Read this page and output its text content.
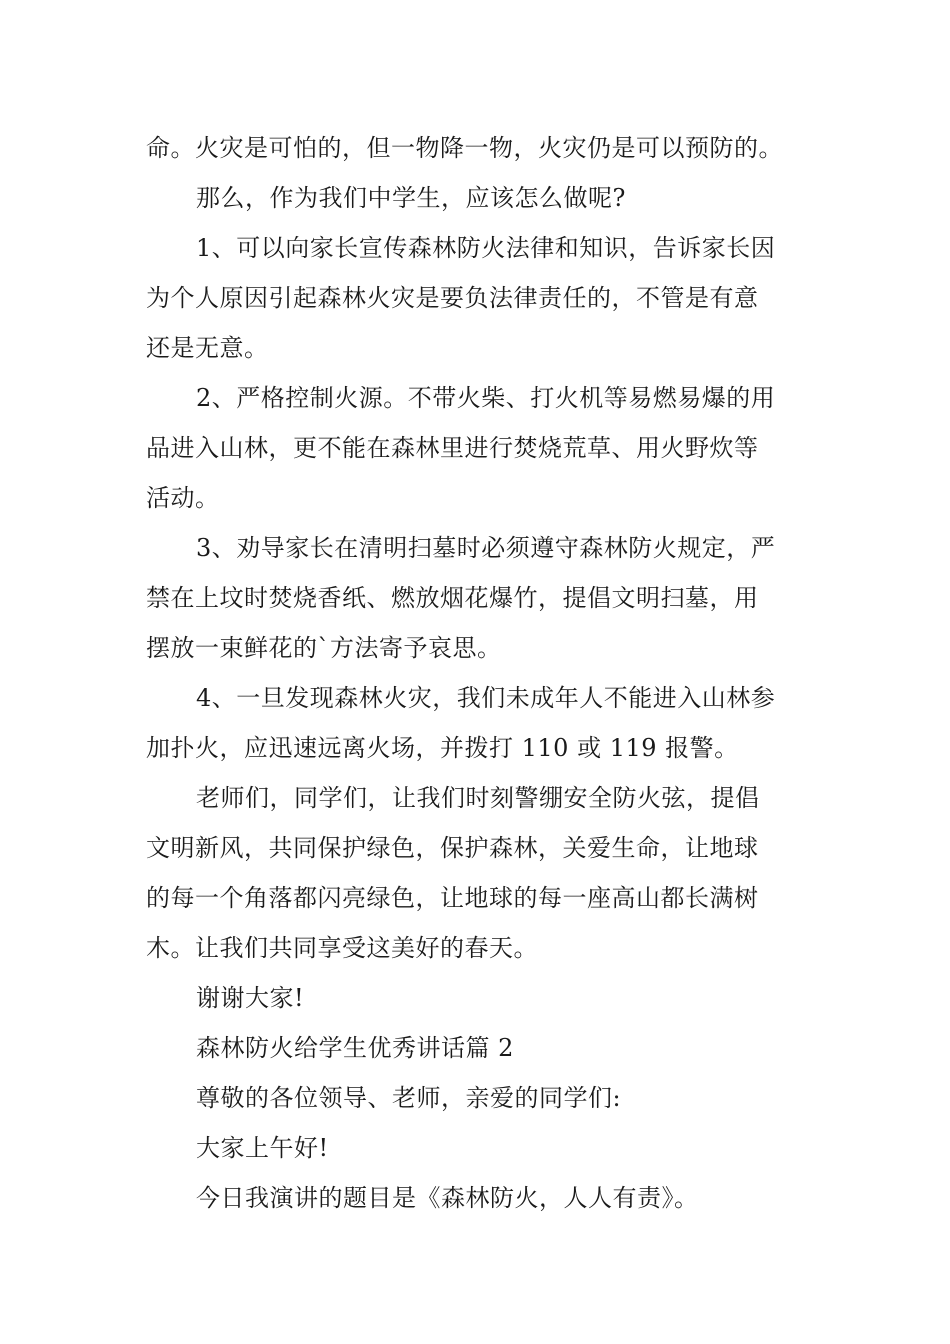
命。火灾是可怕的，但一物降一物，火灾仍是可以预防的。
那么，作为我们中学生，应该怎么做呢?
1、可以向家长宣传森林防火法律和知识，告诉家长因
为个人原因引起森林火灾是要负法律责任的，不管是有意
还是无意。
2、严格控制火源。不带火柴、打火机等易燃易爆的用
品进入山林，更不能在森林里进行焚烧荒草、用火野炊等
活动。
3、劝导家长在清明扫墓时必须遵守森林防火规定，严
禁在上坟时焚烧香纸、燃放烟花爆竹，提倡文明扫墓，用
摆放一束鲜花的`方法寄予哀思。
4、一旦发现森林火灾，我们未成年人不能进入山林参
加扑火，应迅速远离火场，并拨打 110 或 119 报警。
老师们，同学们，让我们时刻警绷安全防火弦，提倡
文明新风，共同保护绿色，保护森林，关爱生命，让地球
的每一个角落都闪亮绿色，让地球的每一座高山都长满树
木。让我们共同享受这美好的春天。
谢谢大家!
森林防火给学生优秀讲话篇 2
尊敬的各位领导、老师，亲爱的同学们:
大家上午好!
今日我演讲的题目是《森林防火，人人有责》。
